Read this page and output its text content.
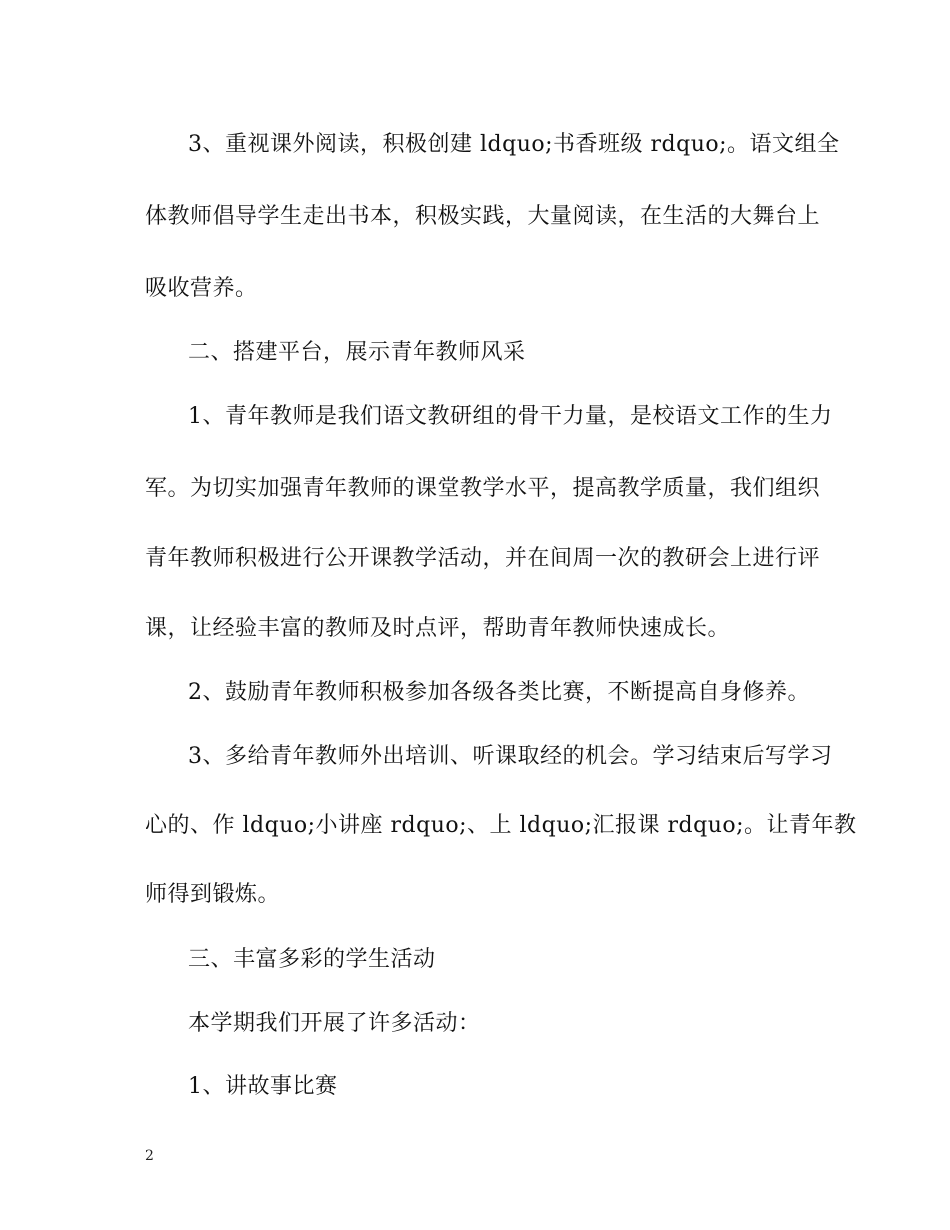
3、重视课外阅读，积极创建 ldquo;书香班级 rdquo;。语文组全
体教师倡导学生走出书本，积极实践，大量阅读，在生活的大舞台上
吸收营养。
二、搭建平台，展示青年教师风采
1、青年教师是我们语文教研组的骨干力量，是校语文工作的生力
军。为切实加强青年教师的课堂教学水平，提高教学质量，我们组织
青年教师积极进行公开课教学活动，并在间周一次的教研会上进行评
课，让经验丰富的教师及时点评，帮助青年教师快速成长。
2、鼓励青年教师积极参加各级各类比赛，不断提高自身修养。
3、多给青年教师外出培训、听课取经的机会。学习结束后写学习
心的、作 ldquo;小讲座 rdquo;、上 ldquo;汇报课 rdquo;。让青年教
师得到锻炼。
三、丰富多彩的学生活动
本学期我们开展了许多活动：
1、讲故事比赛
2
